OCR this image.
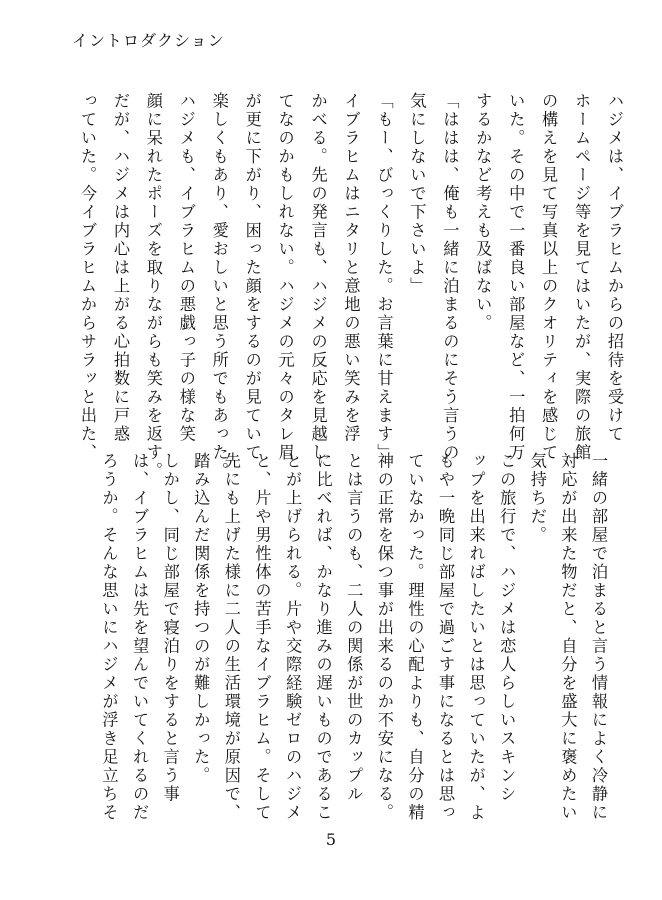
イントロダクション
ハジメは、イブラヒムからの招待を受けて
ホームページ等を見てはいたが、実際の旅館
の構えを見て写真以上のクオリティを感じて
いた。その中で一番良い部屋など、一拍何万
するかなど考えも及ばない。
「ははは、俺も一緒に泊まるのにそう言うの
気にしないで下さいよ」
「もー、びっくりした。お言葉に甘えます」
イブラヒムはニタリと意地の悪い笑みを浮
かべる。先の発言も、ハジメの反応を見越し
てなのかもしれない。ハジメの元々のタレ眉
が更に下がり、困った顔をするのが見ていて
楽しくもあり、愛おしいと思う所でもあった。
ハジメも、イブラヒムの悪戯っ子の様な笑
顔に呆れたポーズを取りながらも笑みを返す。
だが、ハジメは内心は上がる心拍数に戸惑
っていた。今イブラヒムからサラッと出た、
一緒の部屋で泊まると言う情報によく冷静に
対応が出来た物だと、自分を盛大に褒めたい
気持ちだ。
この旅行で、ハジメは恋人らしいスキンシ
ップを出来ればしたいとは思っていたが、よ
もや一晩同じ部屋で過ごす事になるとは思っ
ていなかった。理性の心配よりも、自分の精
神の正常を保つ事が出来るのか不安になる。
とは言うのも、二人の関係が世のカップル
に比べれば、かなり進みの遅いものであるこ
とが上げられる。片や交際経験ゼロのハジメ
と、片や男性体の苦手なイブラヒム。そして
先にも上げた様に二人の生活環境が原因で、
踏み込んだ関係を持つのが難しかった。
しかし、同じ部屋で寝泊りをすると言う事
は、イブラヒムは先を望んでいてくれるのだ
ろうか。そんな思いにハジメが浮き足立ちそ
5
